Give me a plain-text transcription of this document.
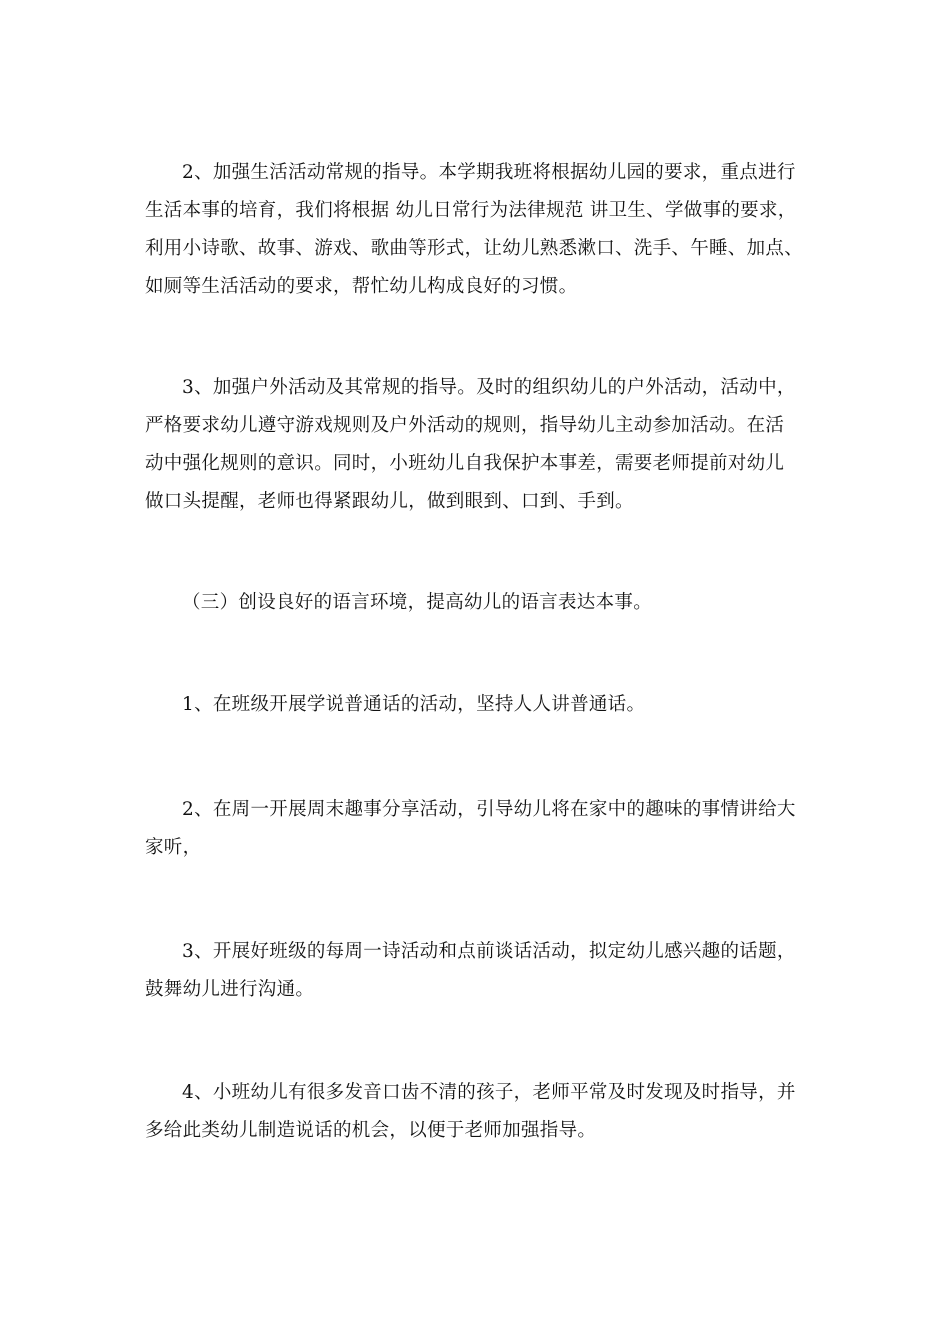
2、加强生活活动常规的指导。本学期我班将根据幼儿园的要求，重点进行
生活本事的培育，我们将根据 幼儿日常行为法律规范 讲卫生、学做事的要求，
利用小诗歌、故事、游戏、歌曲等形式，让幼儿熟悉漱口、洗手、午睡、加点、
如厕等生活活动的要求，帮忙幼儿构成良好的习惯。

3、加强户外活动及其常规的指导。及时的组织幼儿的户外活动，活动中，
严格要求幼儿遵守游戏规则及户外活动的规则，指导幼儿主动参加活动。在活
动中强化规则的意识。同时，小班幼儿自我保护本事差，需要老师提前对幼儿
做口头提醒，老师也得紧跟幼儿，做到眼到、口到、手到。

（三）创设良好的语言环境，提高幼儿的语言表达本事。

1、在班级开展学说普通话的活动，坚持人人讲普通话。

2、在周一开展周末趣事分享活动，引导幼儿将在家中的趣味的事情讲给大
家听，

3、开展好班级的每周一诗活动和点前谈话活动，拟定幼儿感兴趣的话题，
鼓舞幼儿进行沟通。

4、小班幼儿有很多发音口齿不清的孩子，老师平常及时发现及时指导，并
多给此类幼儿制造说话的机会，以便于老师加强指导。
